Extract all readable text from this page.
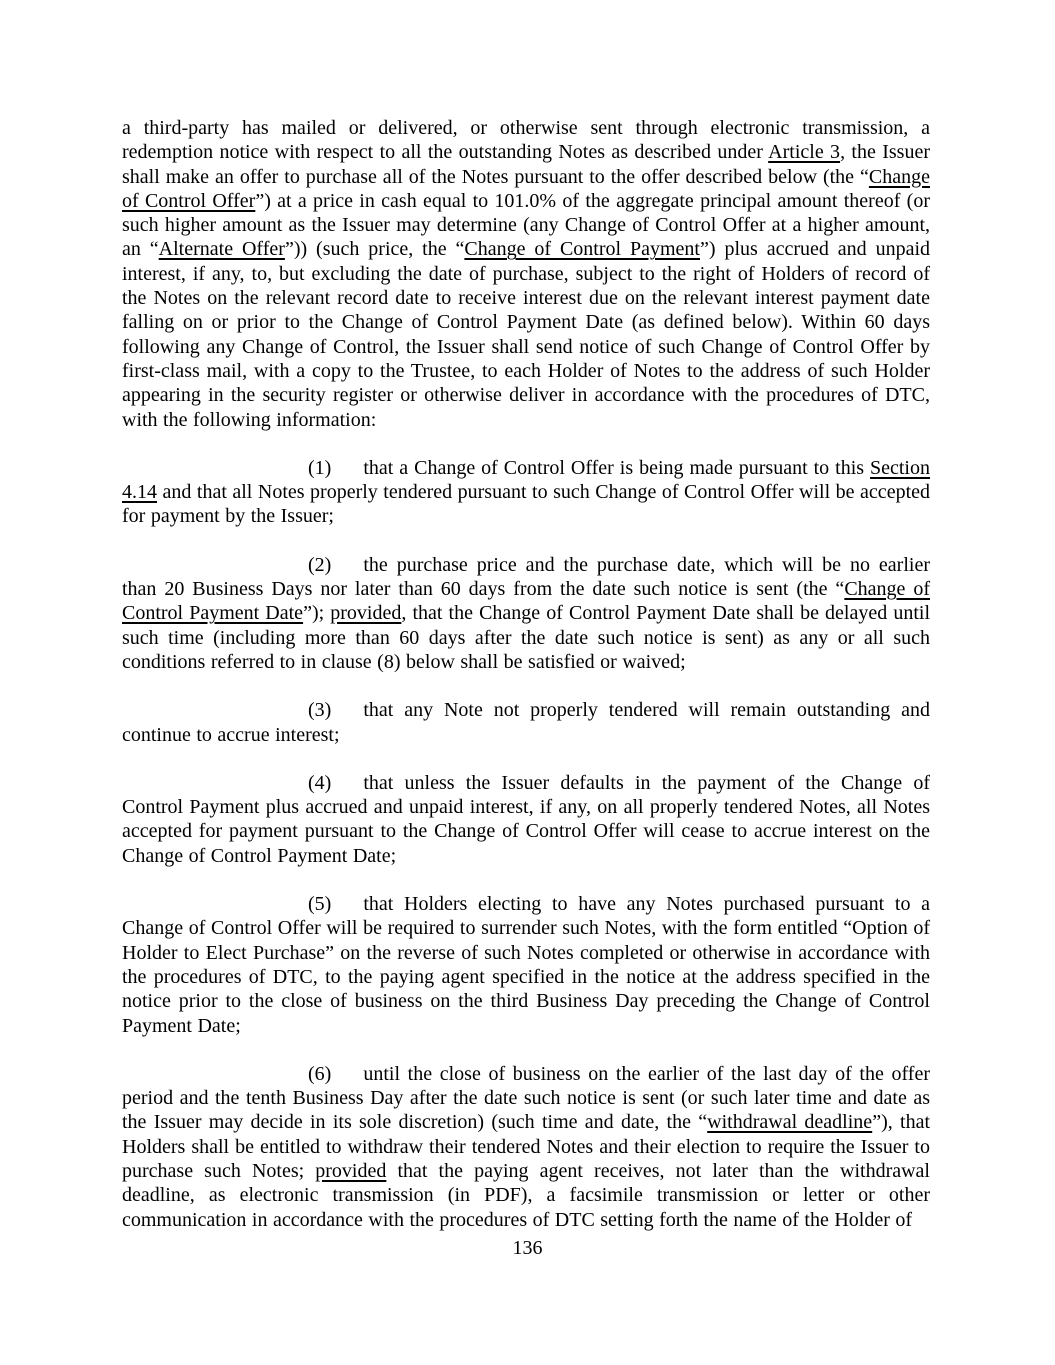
a third-party has mailed or delivered, or otherwise sent through electronic transmission, a redemption notice with respect to all the outstanding Notes as described under Article 3, the Issuer shall make an offer to purchase all of the Notes pursuant to the offer described below (the “Change of Control Offer”) at a price in cash equal to 101.0% of the aggregate principal amount thereof (or such higher amount as the Issuer may determine (any Change of Control Offer at a higher amount, an “Alternate Offer”)) (such price, the “Change of Control Payment”) plus accrued and unpaid interest, if any, to, but excluding the date of purchase, subject to the right of Holders of record of the Notes on the relevant record date to receive interest due on the relevant interest payment date falling on or prior to the Change of Control Payment Date (as defined below). Within 60 days following any Change of Control, the Issuer shall send notice of such Change of Control Offer by first-class mail, with a copy to the Trustee, to each Holder of Notes to the address of such Holder appearing in the security register or otherwise deliver in accordance with the procedures of DTC, with the following information:

(1) that a Change of Control Offer is being made pursuant to this Section 4.14 and that all Notes properly tendered pursuant to such Change of Control Offer will be accepted for payment by the Issuer;

(2) the purchase price and the purchase date, which will be no earlier than 20 Business Days nor later than 60 days from the date such notice is sent (the “Change of Control Payment Date”); provided, that the Change of Control Payment Date shall be delayed until such time (including more than 60 days after the date such notice is sent) as any or all such conditions referred to in clause (8) below shall be satisfied or waived;

(3) that any Note not properly tendered will remain outstanding and continue to accrue interest;

(4) that unless the Issuer defaults in the payment of the Change of Control Payment plus accrued and unpaid interest, if any, on all properly tendered Notes, all Notes accepted for payment pursuant to the Change of Control Offer will cease to accrue interest on the Change of Control Payment Date;

(5) that Holders electing to have any Notes purchased pursuant to a Change of Control Offer will be required to surrender such Notes, with the form entitled “Option of Holder to Elect Purchase” on the reverse of such Notes completed or otherwise in accordance with the procedures of DTC, to the paying agent specified in the notice at the address specified in the notice prior to the close of business on the third Business Day preceding the Change of Control Payment Date;

(6) until the close of business on the earlier of the last day of the offer period and the tenth Business Day after the date such notice is sent (or such later time and date as the Issuer may decide in its sole discretion) (such time and date, the “withdrawal deadline”), that Holders shall be entitled to withdraw their tendered Notes and their election to require the Issuer to purchase such Notes; provided that the paying agent receives, not later than the withdrawal deadline, as electronic transmission (in PDF), a facsimile transmission or letter or other communication in accordance with the procedures of DTC setting forth the name of the Holder of

136
